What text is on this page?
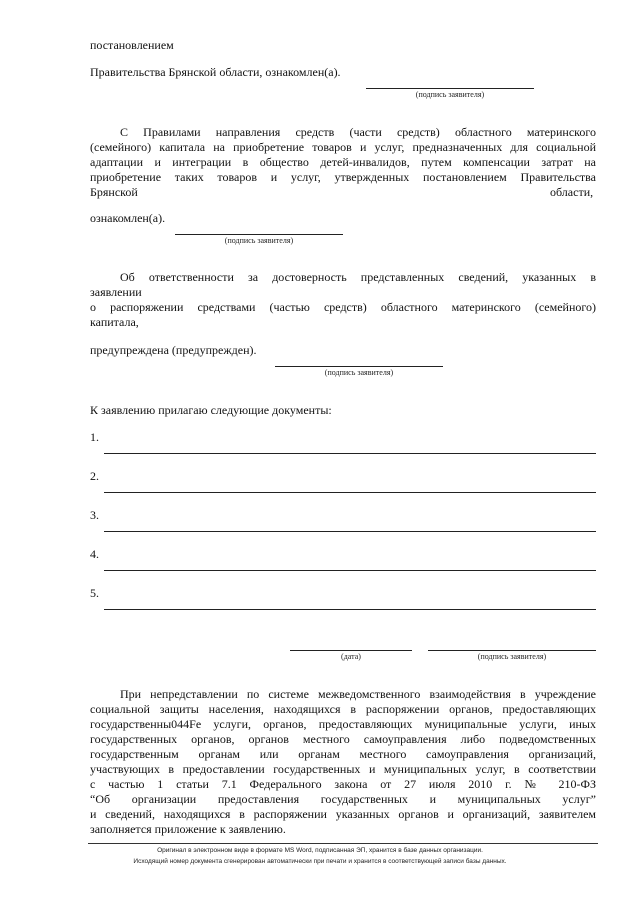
постановлением
Правительства Брянской области, ознакомлен(а).
(подпись заявителя)
С Правилами направления средств (части средств) областного материнского
(семейного) капитала на приобретение товаров и услуг, предназначенных для социальной
адаптации и интеграции в общество детей-инвалидов, путем компенсации затрат на
приобретение таких товаров и услуг, утвержденных постановлением Правительства
Брянской	области,
ознакомлен(а).
(подпись заявителя)
Об ответственности за достоверность представленных сведений, указанных в
заявлении
о распоряжении средствами (частью средств) областного материнского (семейного)
капитала,
предупреждена (предупрежден).
(подпись заявителя)
К заявлению прилагаю следующие документы:
1.
2.
3.
4.
5.
(дата)	(подпись заявителя)
При непредставлении по системе межведомственного взаимодействия в учреждение
социальной защиты населения, находящихся в распоряжении органов, предоставляющих
государственны044Fе услуги, органов, предоставляющих муниципальные услуги, иных
государственных органов, органов местного самоуправления либо подведомственных
государственным органам или органам местного самоуправления организаций,
участвующих в предоставлении государственных и муниципальных услуг, в соответствии
с частью 1 статьи 7.1 Федерального закона от 27 июля 2010 г. № 210-ФЗ
“Об организации предоставления государственных и муниципальных услуг”
и сведений, находящихся в распоряжении указанных органов и организаций, заявителем
заполняется приложение к заявлению.
Оригинал в электронном виде в формате MS Word, подписанная ЭП, хранится в базе данных организации.
Исходящий номер документа сгенерирован автоматически при печати и хранится в соответствующей записи базы данных.
